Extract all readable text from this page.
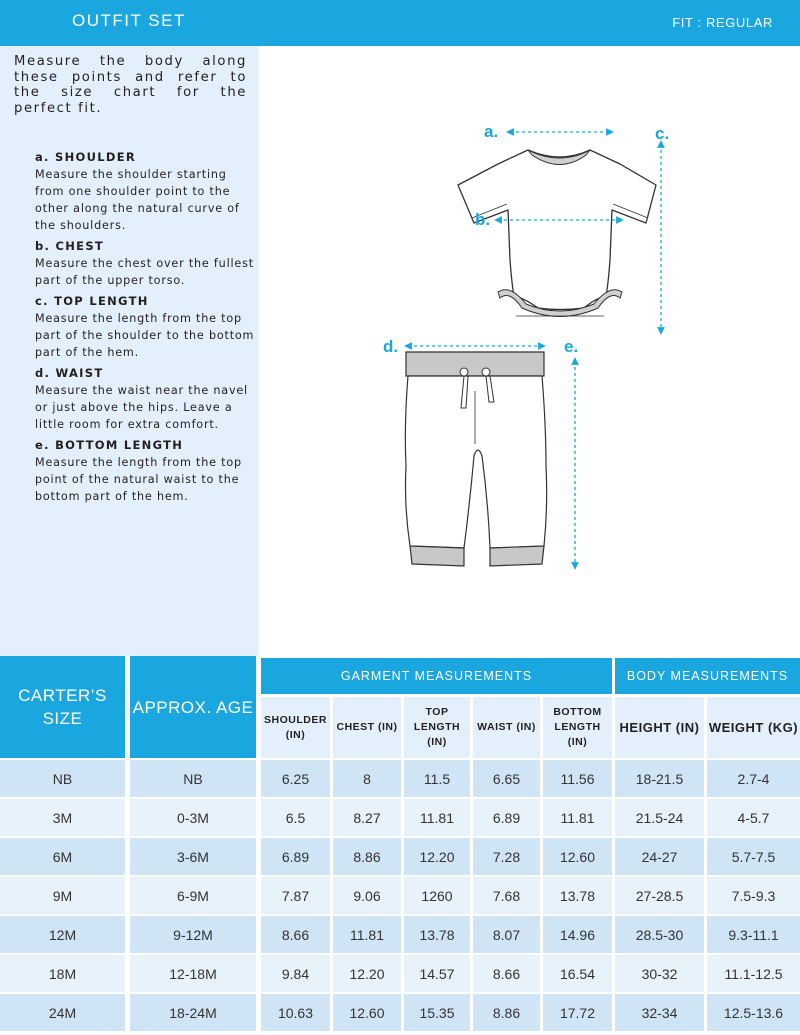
OUTFIT SET	FIT : REGULAR
Measure the body along these points and refer to the size chart for the perfect fit.
a. SHOULDER

Measure the shoulder starting from one shoulder point to the other along the natural curve of the shoulders.

b. CHEST

Measure the chest over the fullest part of the upper torso.

c. TOP LENGTH

Measure the length from the top part of the shoulder to the bottom part of the hem.

d. WAIST

Measure the waist near the navel or just above the hips. Leave a little room for extra comfort.

e. BOTTOM LENGTH

Measure the length from the top point of the natural waist to the bottom part of the hem.

a.
b.
c.
d.	e.
CARTER’S SIZE
APPROX. AGE
GARMENT MEASUREMENTS	BODY MEASUREMENTS
SHOULDER (IN)
CHEST (IN)
TOP LENGTH (IN)
WAIST (IN)
BOTTOM LENGTH (IN)
HEIGHT (IN) WEIGHT (KG)
NB	NB	6.25	8	11.5	6.65	11.56	18-21.5	2.7-4
3M	0-3M	6.5	8.27	11.81	6.89	11.81	21.5-24	4-5.7
6M	3-6M	6.89	8.86	12.20	7.28	12.60	24-27	5.7-7.5
9M	6-9M	7.87	9.06	1260	7.68	13.78	27-28.5	7.5-9.3
12M	9-12M	8.66	11.81	13.78	8.07	14.96	28.5-30	9.3-11.1
18M	12-18M	9.84	12.20	14.57	8.66	16.54	30-32	11.1-12.5
24M	18-24M	10.63	12.60	15.35	8.86	17.72	32-34	12.5-13.6
